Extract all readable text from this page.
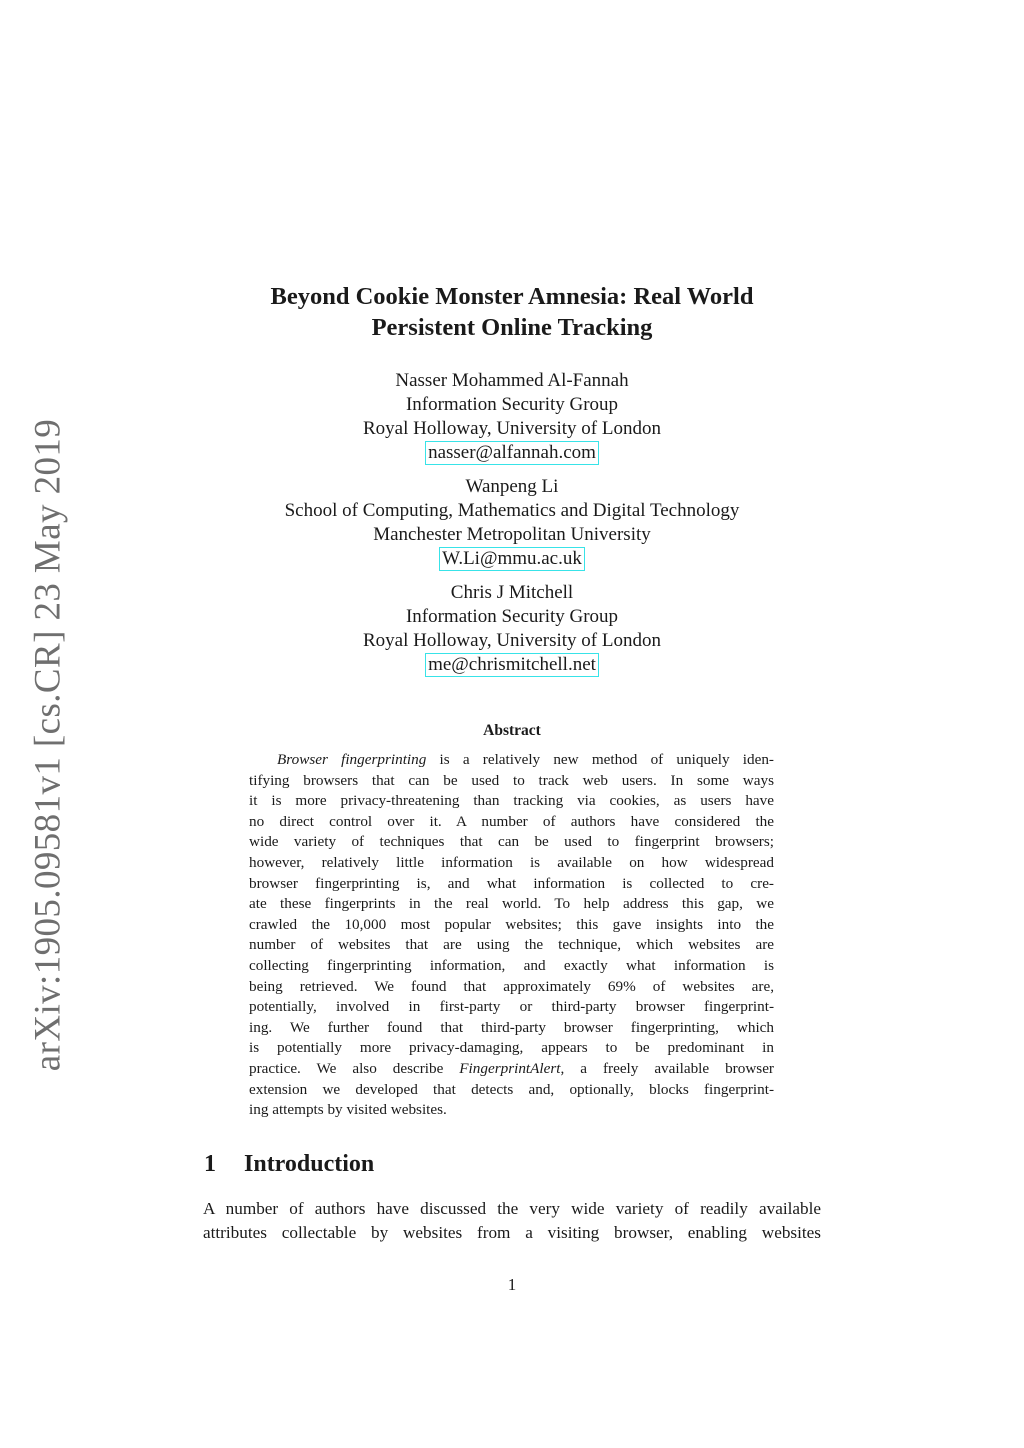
arXiv:1905.09581v1 [cs.CR] 23 May 2019
Beyond Cookie Monster Amnesia: Real World
Persistent Online Tracking
Nasser Mohammed Al-Fannah
Information Security Group
Royal Holloway, University of London
nasser@alfannah.com
Wanpeng Li
School of Computing, Mathematics and Digital Technology
Manchester Metropolitan University
W.Li@mmu.ac.uk
Chris J Mitchell
Information Security Group
Royal Holloway, University of London
me@chrismitchell.net
Abstract
Browser fingerprinting is a relatively new method of uniquely iden-
tifying browsers that can be used to track web users. In some ways
it is more privacy-threatening than tracking via cookies, as users have
no direct control over it. A number of authors have considered the
wide variety of techniques that can be used to fingerprint browsers;
however, relatively little information is available on how widespread
browser fingerprinting is, and what information is collected to cre-
ate these fingerprints in the real world. To help address this gap, we
crawled the 10,000 most popular websites; this gave insights into the
number of websites that are using the technique, which websites are
collecting fingerprinting information, and exactly what information is
being retrieved. We found that approximately 69% of websites are,
potentially, involved in first-party or third-party browser fingerprint-
ing. We further found that third-party browser fingerprinting, which
is potentially more privacy-damaging, appears to be predominant in
practice. We also describe FingerprintAlert, a freely available browser
extension we developed that detects and, optionally, blocks fingerprint-
ing attempts by visited websites.
1 Introduction
A number of authors have discussed the very wide variety of readily available
attributes collectable by websites from a visiting browser, enabling websites
1
